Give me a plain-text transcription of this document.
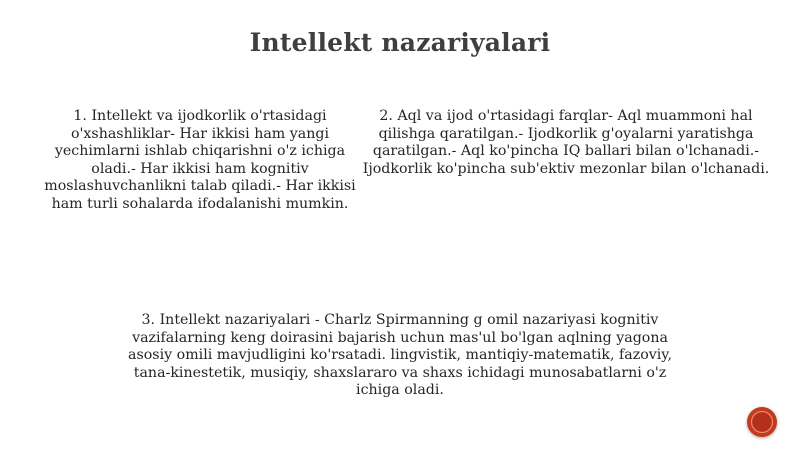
Intellekt nazariyalari
1. Intellekt va ijodkorlik o'rtasidagi o'xshashliklar- Har ikkisi ham yangi yechimlarni ishlab chiqarishni o'z ichiga oladi.- Har ikkisi ham kognitiv moslashuvchanlikni talab qiladi.- Har ikkisi ham turli sohalarda ifodalanishi mumkin.
2. Aql va ijod o'rtasidagi farqlar- Aql muammoni hal qilishga qaratilgan.- Ijodkorlik g'oyalarni yaratishga qaratilgan.- Aql ko'pincha IQ ballari bilan o'lchanadi.- Ijodkorlik ko'pincha sub'ektiv mezonlar bilan o'lchanadi.
3. Intellekt nazariyalari - Charlz Spirmanning g omil nazariyasi kognitiv vazifalarning keng doirasini bajarish uchun mas'ul bo'lgan aqlning yagona asosiy omili mavjudligini ko'rsatadi. lingvistik, mantiqiy-matematik, fazoviy, tana-kinestetik, musiqiy, shaxslararo va shaxs ichidagi munosabatlarni o'z ichiga oladi.
